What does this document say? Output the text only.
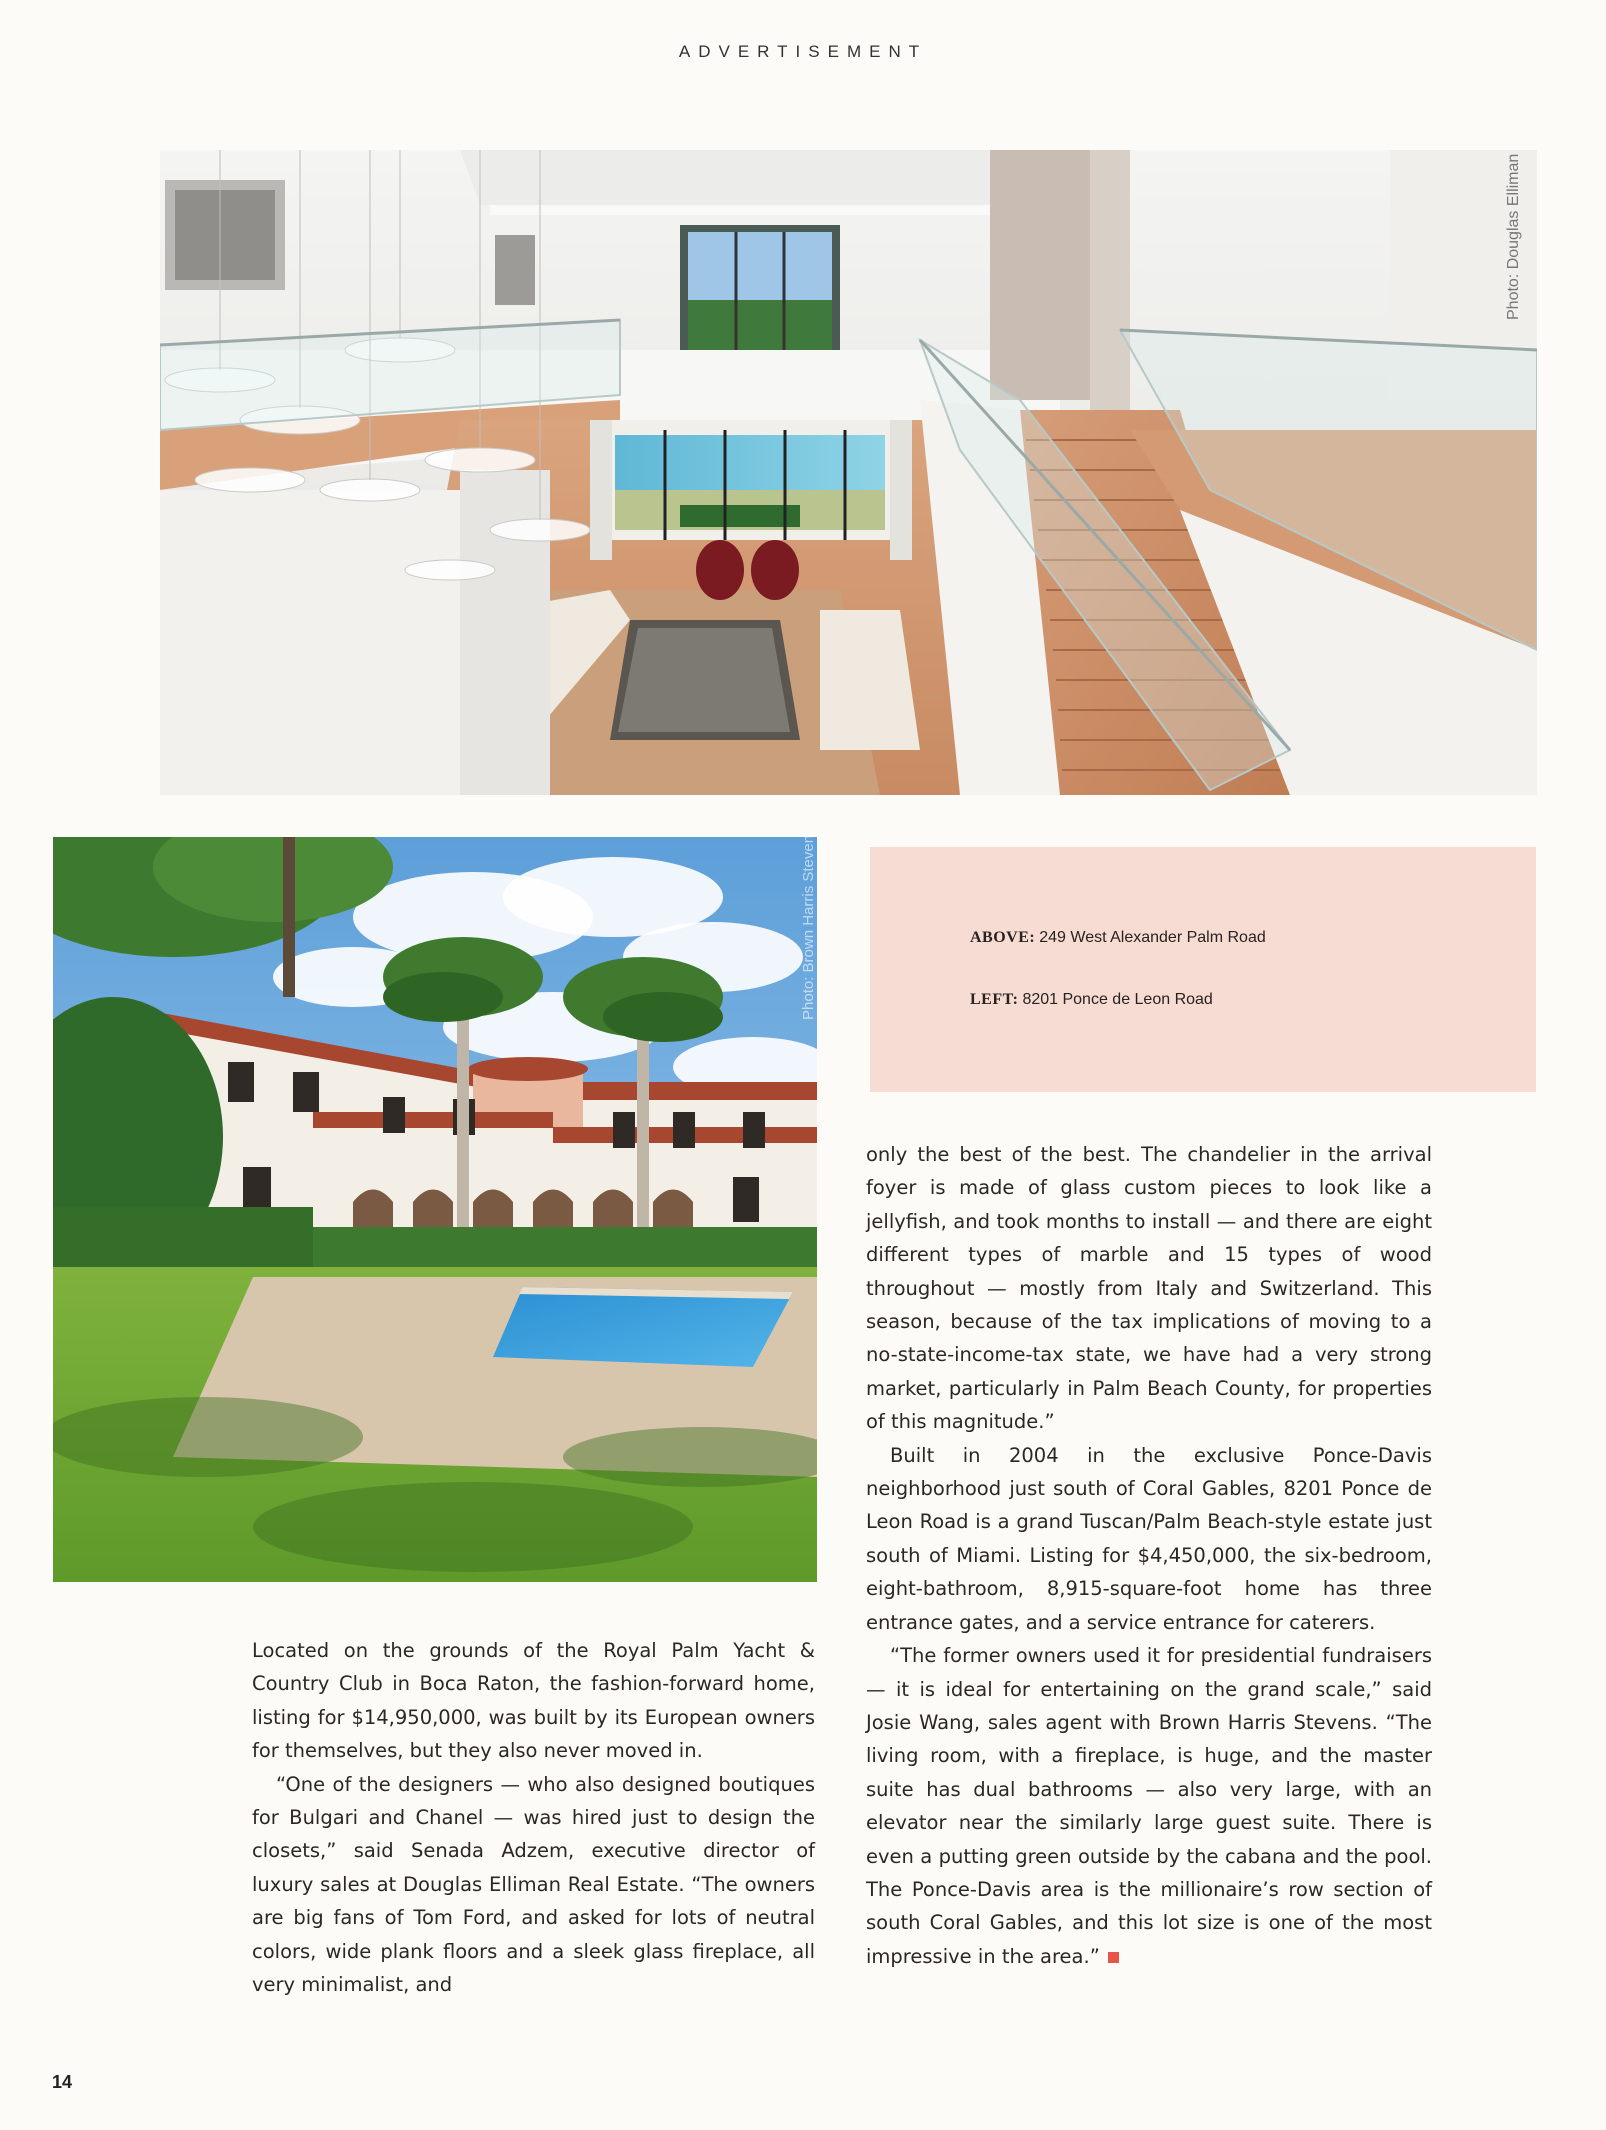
ADVERTISEMENT
Photo: Douglas Elliman
Photo: Brown Harris Stevens	ABOVE: 249 West Alexander Palm Road
LEFT: 8201 Ponce de Leon Road

Located on the grounds of the Royal Palm Yacht & Country Club in Boca Raton, the fashion-forward home, listing for $14,950,000, was built by its European owners for themselves, but they also never moved in.

“One of the designers — who also designed boutiques for Bulgari and Chanel — was hired just to design the closets,” said Senada Adzem, executive director of luxury sales at Douglas Elliman Real Estate. “The owners are big fans of Tom Ford, and asked for lots of neutral colors, wide plank floors and a sleek glass fireplace, all very minimalist, and

only the best of the best. The chandelier in the arrival foyer is made of glass custom pieces to look like a jellyfish, and took months to install — and there are eight different types of marble and 15 types of wood throughout — mostly from Italy and Switzerland. This season, because of the tax implications of moving to a no-state-income-tax state, we have had a very strong market, particularly in Palm Beach County, for properties of this magnitude.”

Built in 2004 in the exclusive Ponce-Davis neighborhood just south of Coral Gables, 8201 Ponce de Leon Road is a grand Tuscan/Palm Beach-style estate just south of Miami. Listing for $4,450,000, the six-bedroom, eight-bathroom, 8,915-square-foot home has three entrance gates, and a service entrance for caterers.

“The former owners used it for presidential fundraisers — it is ideal for entertaining on the grand scale,” said Josie Wang, sales agent with Brown Harris Stevens. “The living room, with a fireplace, is huge, and the master suite has dual bathrooms — also very large, with an elevator near the similarly large guest suite. There is even a putting green outside by the cabana and the pool. The Ponce-Davis area is the millionaire’s row section of south Coral Gables, and this lot size is one of the most impressive in the area.”

14
